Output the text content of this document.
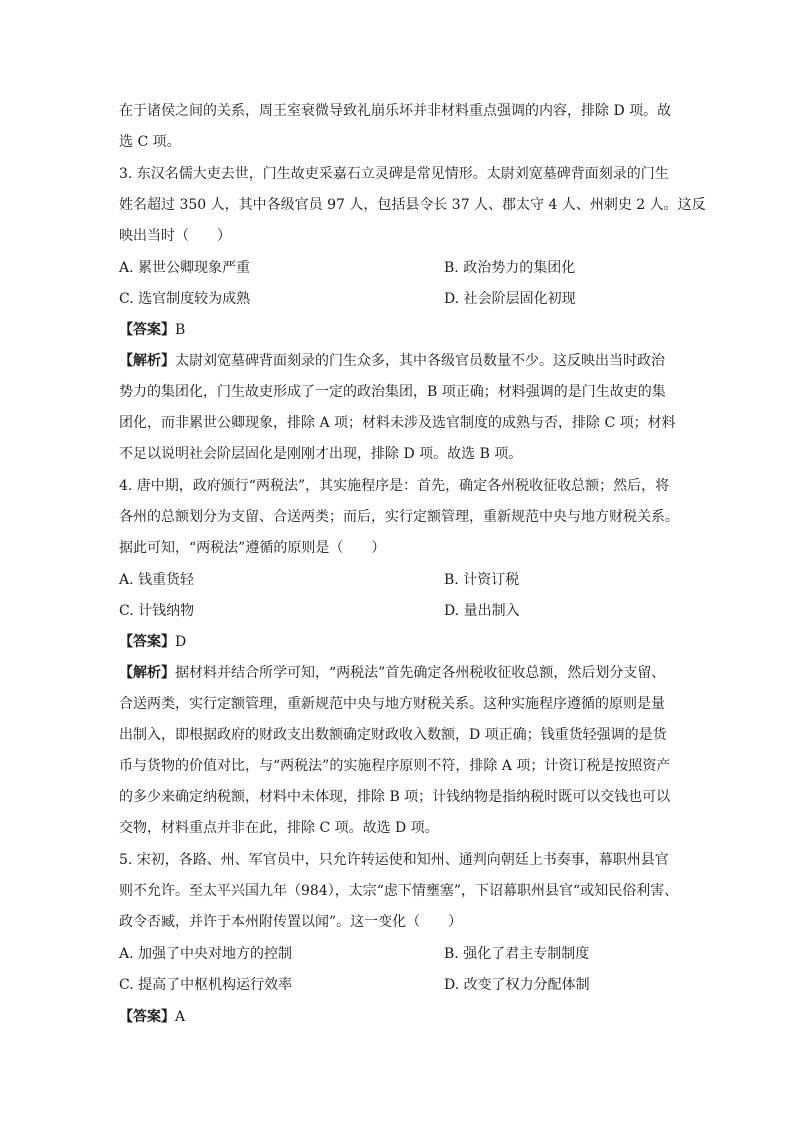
在于诸侯之间的关系，周王室衰微导致礼崩乐坏并非材料重点强调的内容，排除 D 项。故
选 C 项。
3. 东汉名儒大吏去世，门生故吏采嘉石立灵碑是常见情形。太尉刘宽墓碑背面刻录的门生
姓名超过 350 人，其中各级官员 97 人，包括县令长 37 人、郡太守 4 人、州刺史 2 人。这反
映出当时（　　）
A. 累世公卿现象严重	B. 政治势力的集团化
C. 选官制度较为成熟	D. 社会阶层固化初现
【答案】B
【解析】太尉刘宽墓碑背面刻录的门生众多，其中各级官员数量不少。这反映出当时政治
势力的集团化，门生故吏形成了一定的政治集团，B 项正确；材料强调的是门生故吏的集
团化，而非累世公卿现象，排除 A 项；材料未涉及选官制度的成熟与否，排除 C 项；材料
不足以说明社会阶层固化是刚刚才出现，排除 D 项。故选 B 项。
4. 唐中期，政府颁行“两税法”，其实施程序是：首先，确定各州税收征收总额；然后，将
各州的总额划分为支留、合送两类；而后，实行定额管理，重新规范中央与地方财税关系。
据此可知，“两税法”遵循的原则是（　　）
A. 钱重货轻	B. 计资订税
C. 计钱纳物	D. 量出制入
【答案】D
【解析】据材料并结合所学可知，“两税法”首先确定各州税收征收总额，然后划分支留、
合送两类，实行定额管理，重新规范中央与地方财税关系。这种实施程序遵循的原则是量
出制入，即根据政府的财政支出数额确定财政收入数额，D 项正确；钱重货轻强调的是货
币与货物的价值对比，与“两税法”的实施程序原则不符，排除 A 项；计资订税是按照资产
的多少来确定纳税额，材料中未体现，排除 B 项；计钱纳物是指纳税时既可以交钱也可以
交物，材料重点并非在此，排除 C 项。故选 D 项。
5. 宋初，各路、州、军官员中，只允许转运使和知州、通判向朝廷上书奏事，幕职州县官
则不允许。至太平兴国九年（984），太宗“虑下情壅塞”，下诏幕职州县官“或知民俗利害、
政令否臧，并许于本州附传置以闻”。这一变化（　　）
A. 加强了中央对地方的控制	B. 强化了君主专制制度
C. 提高了中枢机构运行效率	D. 改变了权力分配体制
【答案】A
